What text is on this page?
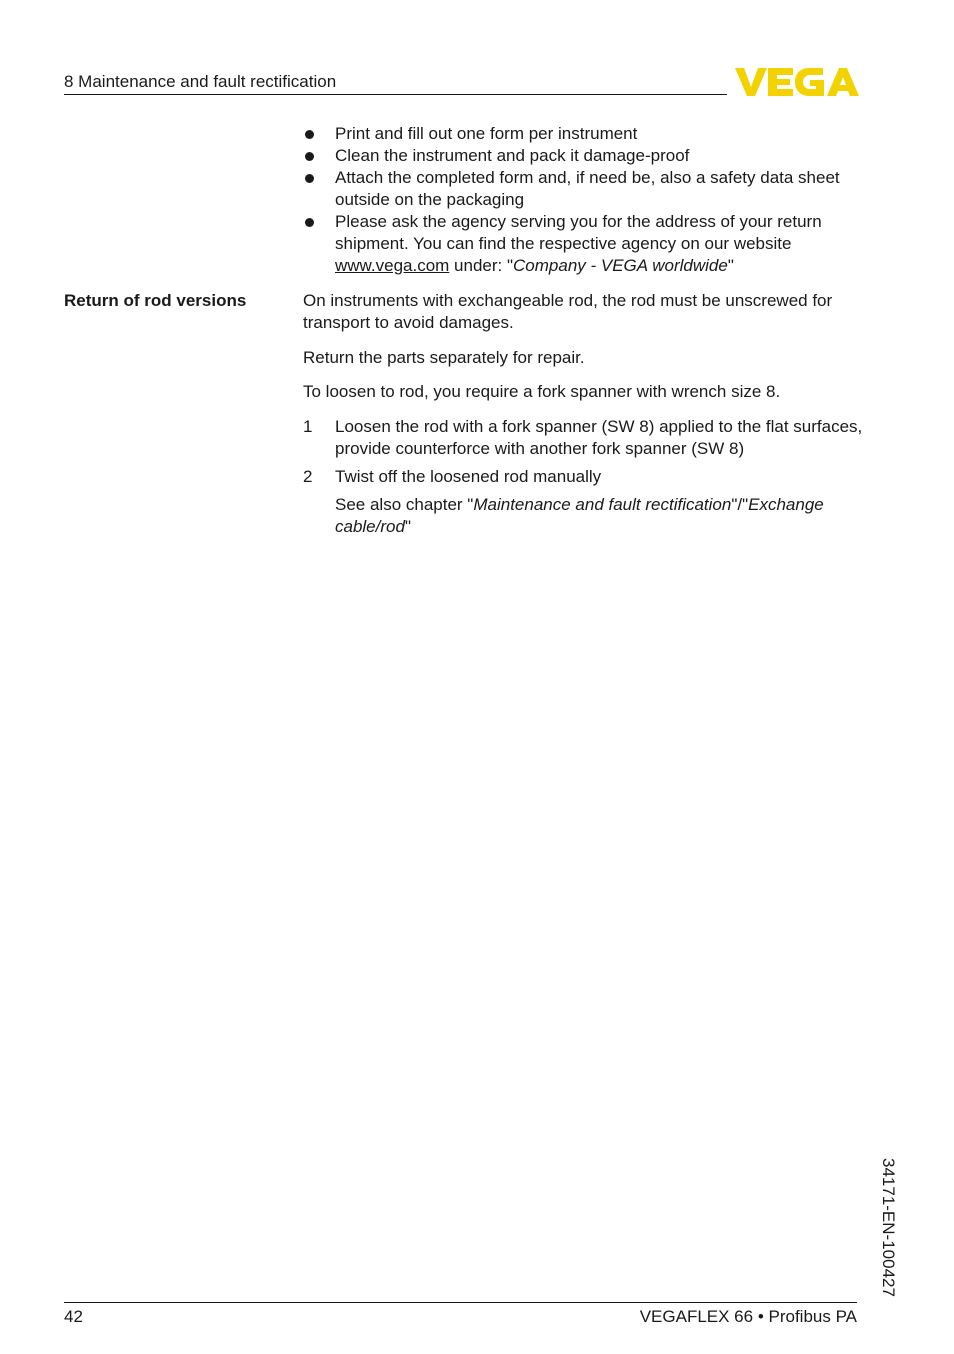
8 Maintenance and fault rectification
Print and fill out one form per instrument
Clean the instrument and pack it damage-proof
Attach the completed form and, if need be, also a safety data sheet outside on the packaging
Please ask the agency serving you for the address of your return shipment. You can find the respective agency on our website www.vega.com under: "Company - VEGA worldwide"
Return of rod versions	On instruments with exchangeable rod, the rod must be unscrewed for transport to avoid damages.

Return the parts separately for repair.

To loosen to rod, you require a fork spanner with wrench size 8.

1 Loosen the rod with a fork spanner (SW 8) applied to the flat surfaces, provide counterforce with another fork spanner (SW 8)
2 Twist off the loosened rod manually

See also chapter "Maintenance and fault rectification"/"Exchange cable/rod"

34171-EN-100427
42	VEGAFLEX 66 • Profibus PA
